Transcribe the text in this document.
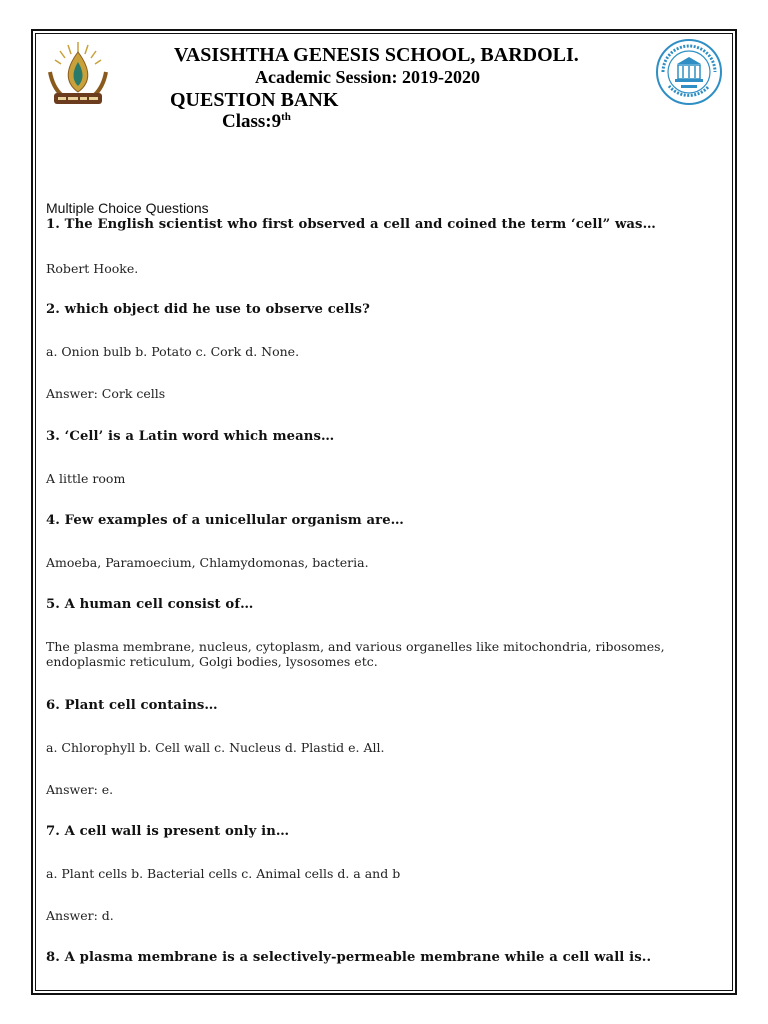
VASISHTHA GENESIS SCHOOL, BARDOLI.
Academic Session: 2019-2020
QUESTION BANK
Class:9th
Multiple Choice Questions
1. The English scientist who first observed a cell and coined the term ‘cell” was…
Robert Hooke.
2. which object did he use to observe cells?
a. Onion bulb b. Potato c. Cork d. None.
Answer: Cork cells
3. ‘Cell’ is a Latin word which means…
A little room
4. Few examples of a unicellular organism are…
Amoeba, Paramoecium, Chlamydomonas, bacteria.
5. A human cell consist of…
The plasma membrane, nucleus, cytoplasm, and various organelles like mitochondria, ribosomes, endoplasmic reticulum, Golgi bodies, lysosomes etc.
6. Plant cell contains…
a. Chlorophyll b. Cell wall c. Nucleus d. Plastid e. All.
Answer: e.
7. A cell wall is present only in…
a. Plant cells b. Bacterial cells c. Animal cells d. a and b
Answer: d.
8. A plasma membrane is a selectively-permeable membrane while a cell wall is..
